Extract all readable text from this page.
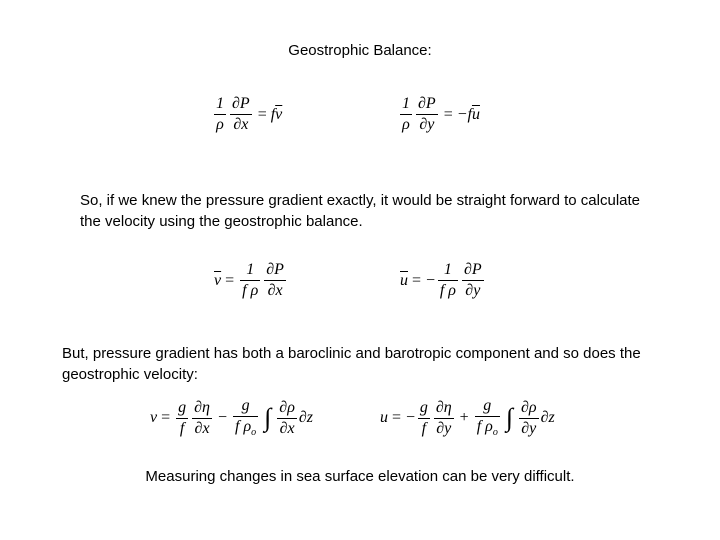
Geostrophic Balance:
$\frac{1}{\rho} \frac{\partial P}{\partial x} = f$ $\overline{v}$	$\frac{1}{\rho} \frac{\partial P}{\partial y}$ = − f $\overline{u}$
So, if we knew the pressure gradient exactly, it would be straight forward to calculate the velocity using the geostrophic balance.
$\overline{v} = \frac{1}{\text{f ρ}} \frac{\partial P}{\partial x}$	$\overline{u}$ = − $\frac{1}{\text{f ρ}} \frac{\partial P}{\partial y}$
But, pressure gradient has both a baroclinic and barotropic component and so does the geostrophic velocity:
$v = \frac{g}{f} \frac{\partial\eta}{\partial x} - \frac{g}{f \rho_o}$ ∫ $\frac{\partial\rho}{\partial x} \partial z$	u = − $\frac{g}{f} \frac{\partial\eta}{\partial y} + \frac{g}{f \rho_o}$ ∫ $\frac{\partial\rho}{\partial y} \partial z$
Measuring changes in sea surface elevation can be very difficult.
